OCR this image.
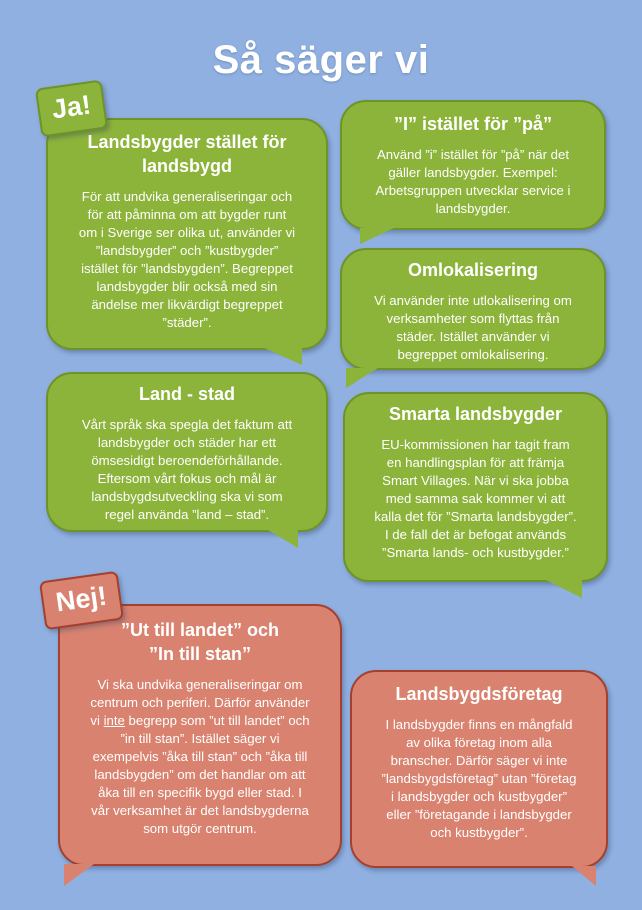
Så säger vi
Landsbygder stället för
landsbygd
För att undvika generaliseringar och
för att påminna om att bygder runt
om i Sverige ser olika ut, använder vi
”landsbygder” och ”kustbygder”
istället för ”landsbygden”. Begreppet
landsbygder blir också med sin
ändelse mer likvärdigt begreppet
”städer”.
Ja!	”I” istället för ”på”
Använd ”i” istället för ”på” när det
gäller landsbygder. Exempel:
Arbetsgruppen utvecklar service i
landsbygder.
Omlokalisering
Vi använder inte utlokalisering om
verksamheter som flyttas från
städer. Istället använder vi
begreppet omlokalisering.
Land - stad
Vårt språk ska spegla det faktum att
landsbygder och städer har ett
ömsesidigt beroendeförhållande.
Eftersom vårt fokus och mål är
landsbygdsutveckling ska vi som
regel använda ”land – stad”.
Smarta landsbygder
EU-kommissionen har tagit fram
en handlingsplan för att främja
Smart Villages. När vi ska jobba
med samma sak kommer vi att
kalla det för ”Smarta landsbygder”.
I de fall det är befogat används
”Smarta lands- och kustbygder.”
”Ut till landet” och
”In till stan”
Vi ska undvika generaliseringar om
centrum och periferi. Därför använder
vi inte begrepp som ”ut till landet” och
”in till stan”. Istället säger vi
exempelvis ”åka till stan” och ”åka till
landsbygden” om det handlar om att
åka till en specifik bygd eller stad. I
vår verksamhet är det landsbygderna
som utgör centrum.
Nej!
Landsbygdsföretag
I landsbygder finns en mångfald
av olika företag inom alla
branscher. Därför säger vi inte
”landsbygdsföretag” utan ”företag
i landsbygder och kustbygder”
eller ”företagande i landsbygder
och kustbygder”.
